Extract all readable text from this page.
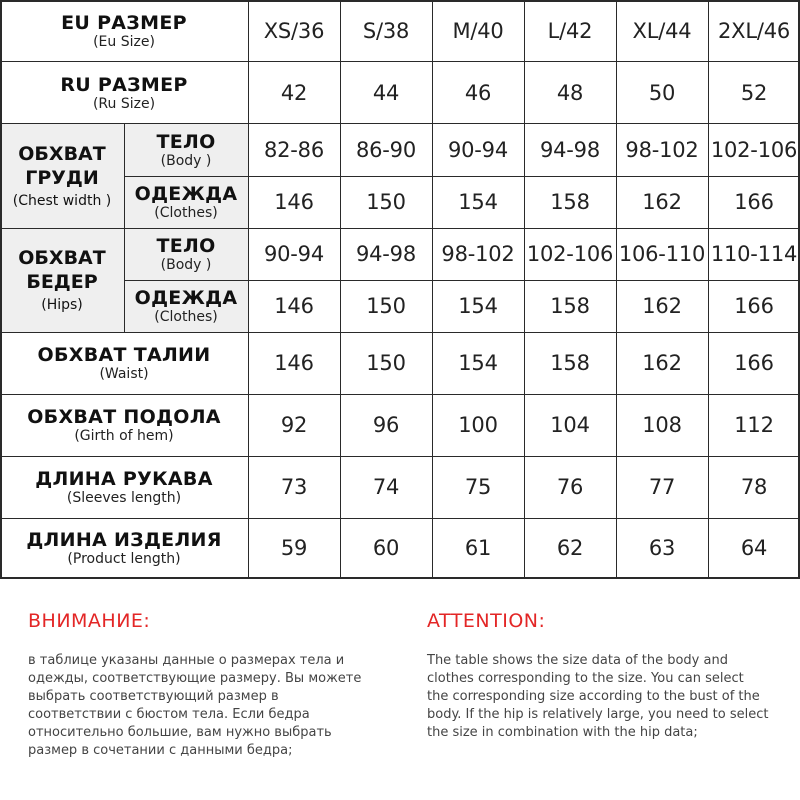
EU РАЗМЕР
(Eu Size)	XS/36	S/38	M/40	L/42	XL/44	2XL/46
RU РАЗМЕР
(Ru Size)	42	44	46	48	50	52
ОБХВАТ
ГРУДИ
(Chest width )
ТЕЛО
(Body )	82-86	86-90	90-94	94-98	98-102 102-106
ОДЕЖДА
(Clothes)	146	150	154	158	162	166
ОБХВАТ
БЕДЕР
(Hips)
ТЕЛО
(Body )	90-94	94-98	98-102 102-106 106-110 110-114
ОДЕЖДА
(Clothes)	146	150	154	158	162	166
ОБХВАТ ТАЛИИ
(Waist)	146	150	154	158	162	166
ОБХВАТ ПОДОЛА
(Girth of hem)	92	96	100	104	108	112
ДЛИНА РУКАВА
(Sleeves length)	73	74	75	76	77	78
ДЛИНА ИЗДЕЛИЯ
(Product length)	59	60	61	62	63	64
ВНИМАНИЕ:

в таблице указаны данные о размерах тела и
одежды, соответствующие размеру. Вы можете
выбрать соответствующий размер в
соответствии с бюстом тела. Если бедра
относительно большие, вам нужно выбрать
размер в сочетании с данными бедра;

ATTENTION:

The table shows the size data of the body and
clothes corresponding to the size. You can select
the corresponding size according to the bust of the
body. If the hip is relatively large, you need to select
the size in combination with the hip data;
